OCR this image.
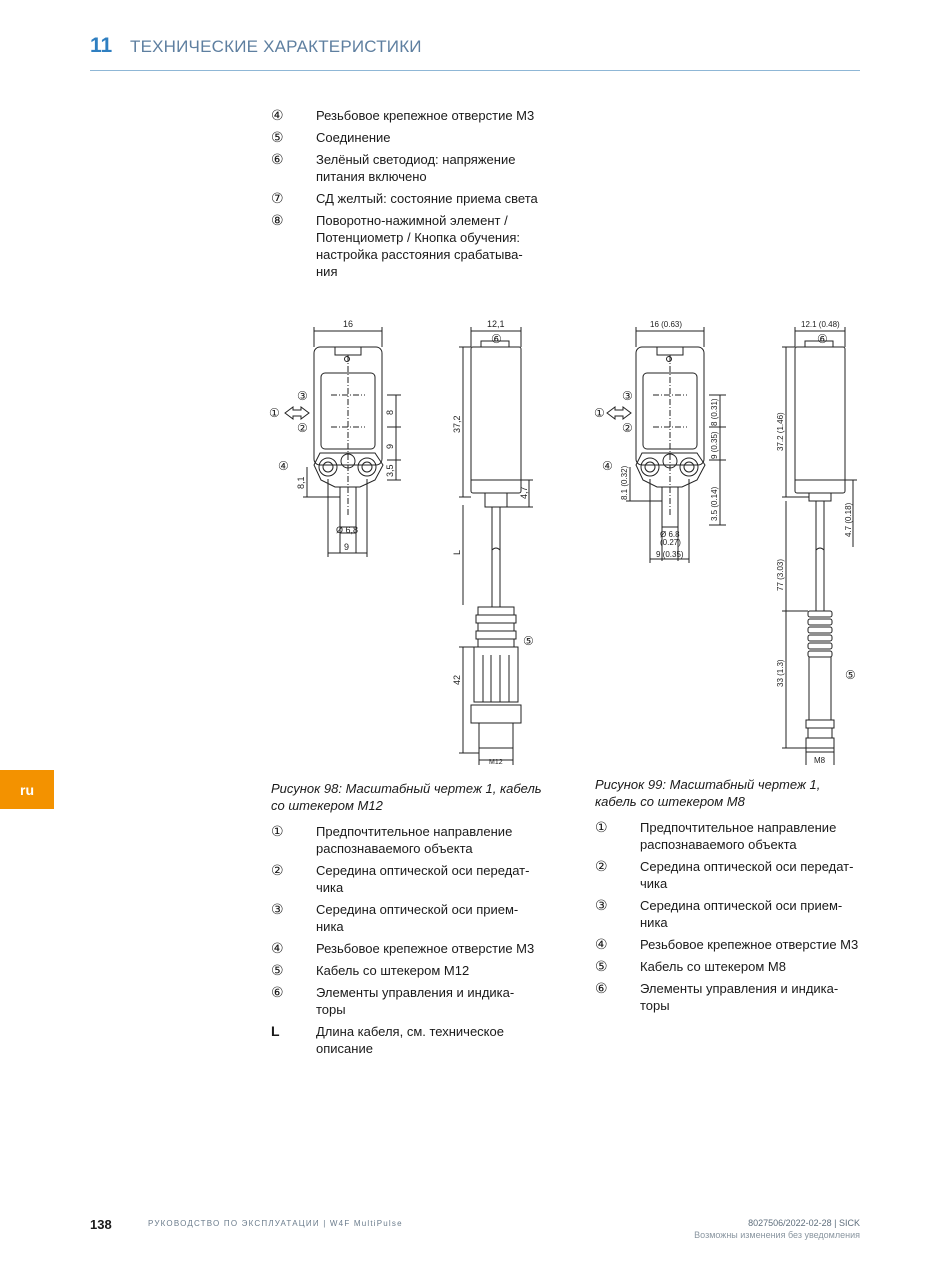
11 ТЕХНИЧЕСКИЕ ХАРАКТЕРИСТИКИ
④ Резьбовое крепежное отверстие М3
⑤ Соединение
⑥ Зелёный светодиод: напряжение питания включено
⑦ СД желтый: состояние приема света
⑧ Поворотно-нажимной элемент / Потенциометр / Кнопка обучения: настройка расстояния срабатыва-ния
16	12,1
8
9
3,5
8,1
Ø 6,8
9
37,2
4,7
L
42
M12
①
②
③
④
⑤
⑥
16 (0.63)	12.1 (0.48)
8 (0.31)
9 (0.35)
3.5 (0.14)
8.1 (0.32)
Ø 6.8
(0.27)
9 (0.35)
37.2 (1.46)
4.7 (0.18)
77 (3.03)
33 (1.3)
M8
①
②
③
④
⑤
⑥
Рисунок 98: Масштабный чертеж 1, кабель со штекером M12
Рисунок 99: Масштабный чертеж 1, кабель со штекером M8
① Предпочтительное направление распознаваемого объекта
② Середина оптической оси передат-чика
③ Середина оптической оси прием-ника
④ Резьбовое крепежное отверстие М3
⑤ Кабель со штекером M12
⑥ Элементы управления и индика-торы
L	Длина кабеля, см. техническое описание
① Предпочтительное направление распознаваемого объекта
② Середина оптической оси передат-чика
③ Середина оптической оси прием-ника
④ Резьбовое крепежное отверстие М3
⑤ Кабель со штекером M8
⑥ Элементы управления и индика-торы
ru
138	РУКОВОДСТВО ПО ЭКСПЛУАТАЦИИ | W4F MultiPulse	8027506/2022-02-28 | SICK
Возможны изменения без уведомления
